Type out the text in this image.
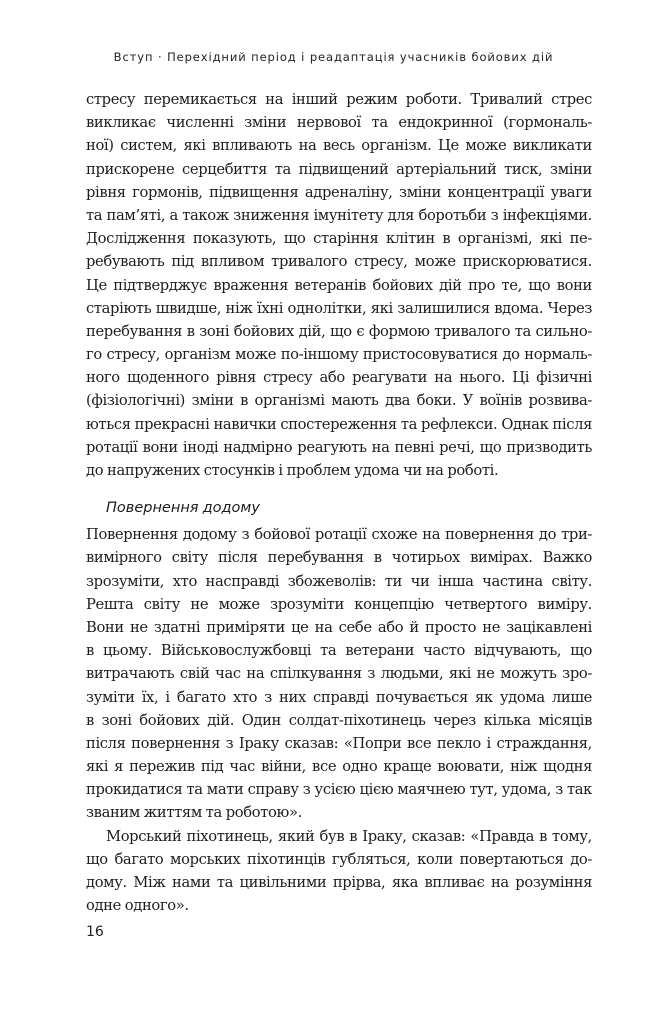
Вступ · Перехідний період і реадаптація учасників бойових дій
стресу перемикається на інший режим роботи. Тривалий стрес
викликає численні зміни нервової та ендокринної (гормональ-
ної) систем, які впливають на весь організм. Це може викликати
прискорене серцебиття та підвищений артеріальний тиск, зміни
рівня гормонів, підвищення адреналіну, зміни концентрації уваги
та пам’яті, а також зниження імунітету для боротьби з інфекціями.
Дослідження показують, що старіння клітин в організмі, які пе-
ребувають під впливом тривалого стресу, може прискорюватися.
Це підтверджує враження ветеранів бойових дій про те, що вони
старіють швидше, ніж їхні однолітки, які залишилися вдома. Через
перебування в зоні бойових дій, що є формою тривалого та сильно-
го стресу, організм може по-іншому пристосовуватися до нормаль-
ного щоденного рівня стресу або реагувати на нього. Ці фізичні
(фізіологічні) зміни в організмі мають два боки. У воїнів розвива-
ються прекрасні навички спостереження та рефлекси. Однак після
ротації вони іноді надмірно реагують на певні речі, що призводить
до напружених стосунків і проблем удома чи на роботі.
Повернення додому
Повернення додому з бойової ротації схоже на повернення до три-
вимірного світу після перебування в чотирьох вимірах. Важко
зрозуміти, хто насправді збожеволів: ти чи інша частина світу.
Решта світу не може зрозуміти концепцію четвертого виміру.
Вони не здатні приміряти це на себе або й просто не зацікавлені
в цьому. Військовослужбовці та ветерани часто відчувають, що
витрачають свій час на спілкування з людьми, які не можуть зро-
зуміти їх, і багато хто з них справді почувається як удома лише
в зоні бойових дій. Один солдат-піхотинець через кілька місяців
після повернення з Іраку сказав: «Попри все пекло і страждання,
які я пережив під час війни, все одно краще воювати, ніж щодня
прокидатися та мати справу з усією цією маячнею тут, удома, з так
званим життям та роботою».
Морський піхотинець, який був в Іраку, сказав: «Правда в тому,
що багато морських піхотинців губляться, коли повертаються до-
дому. Між нами та цивільними прірва, яка впливає на розуміння
одне одного».
16
